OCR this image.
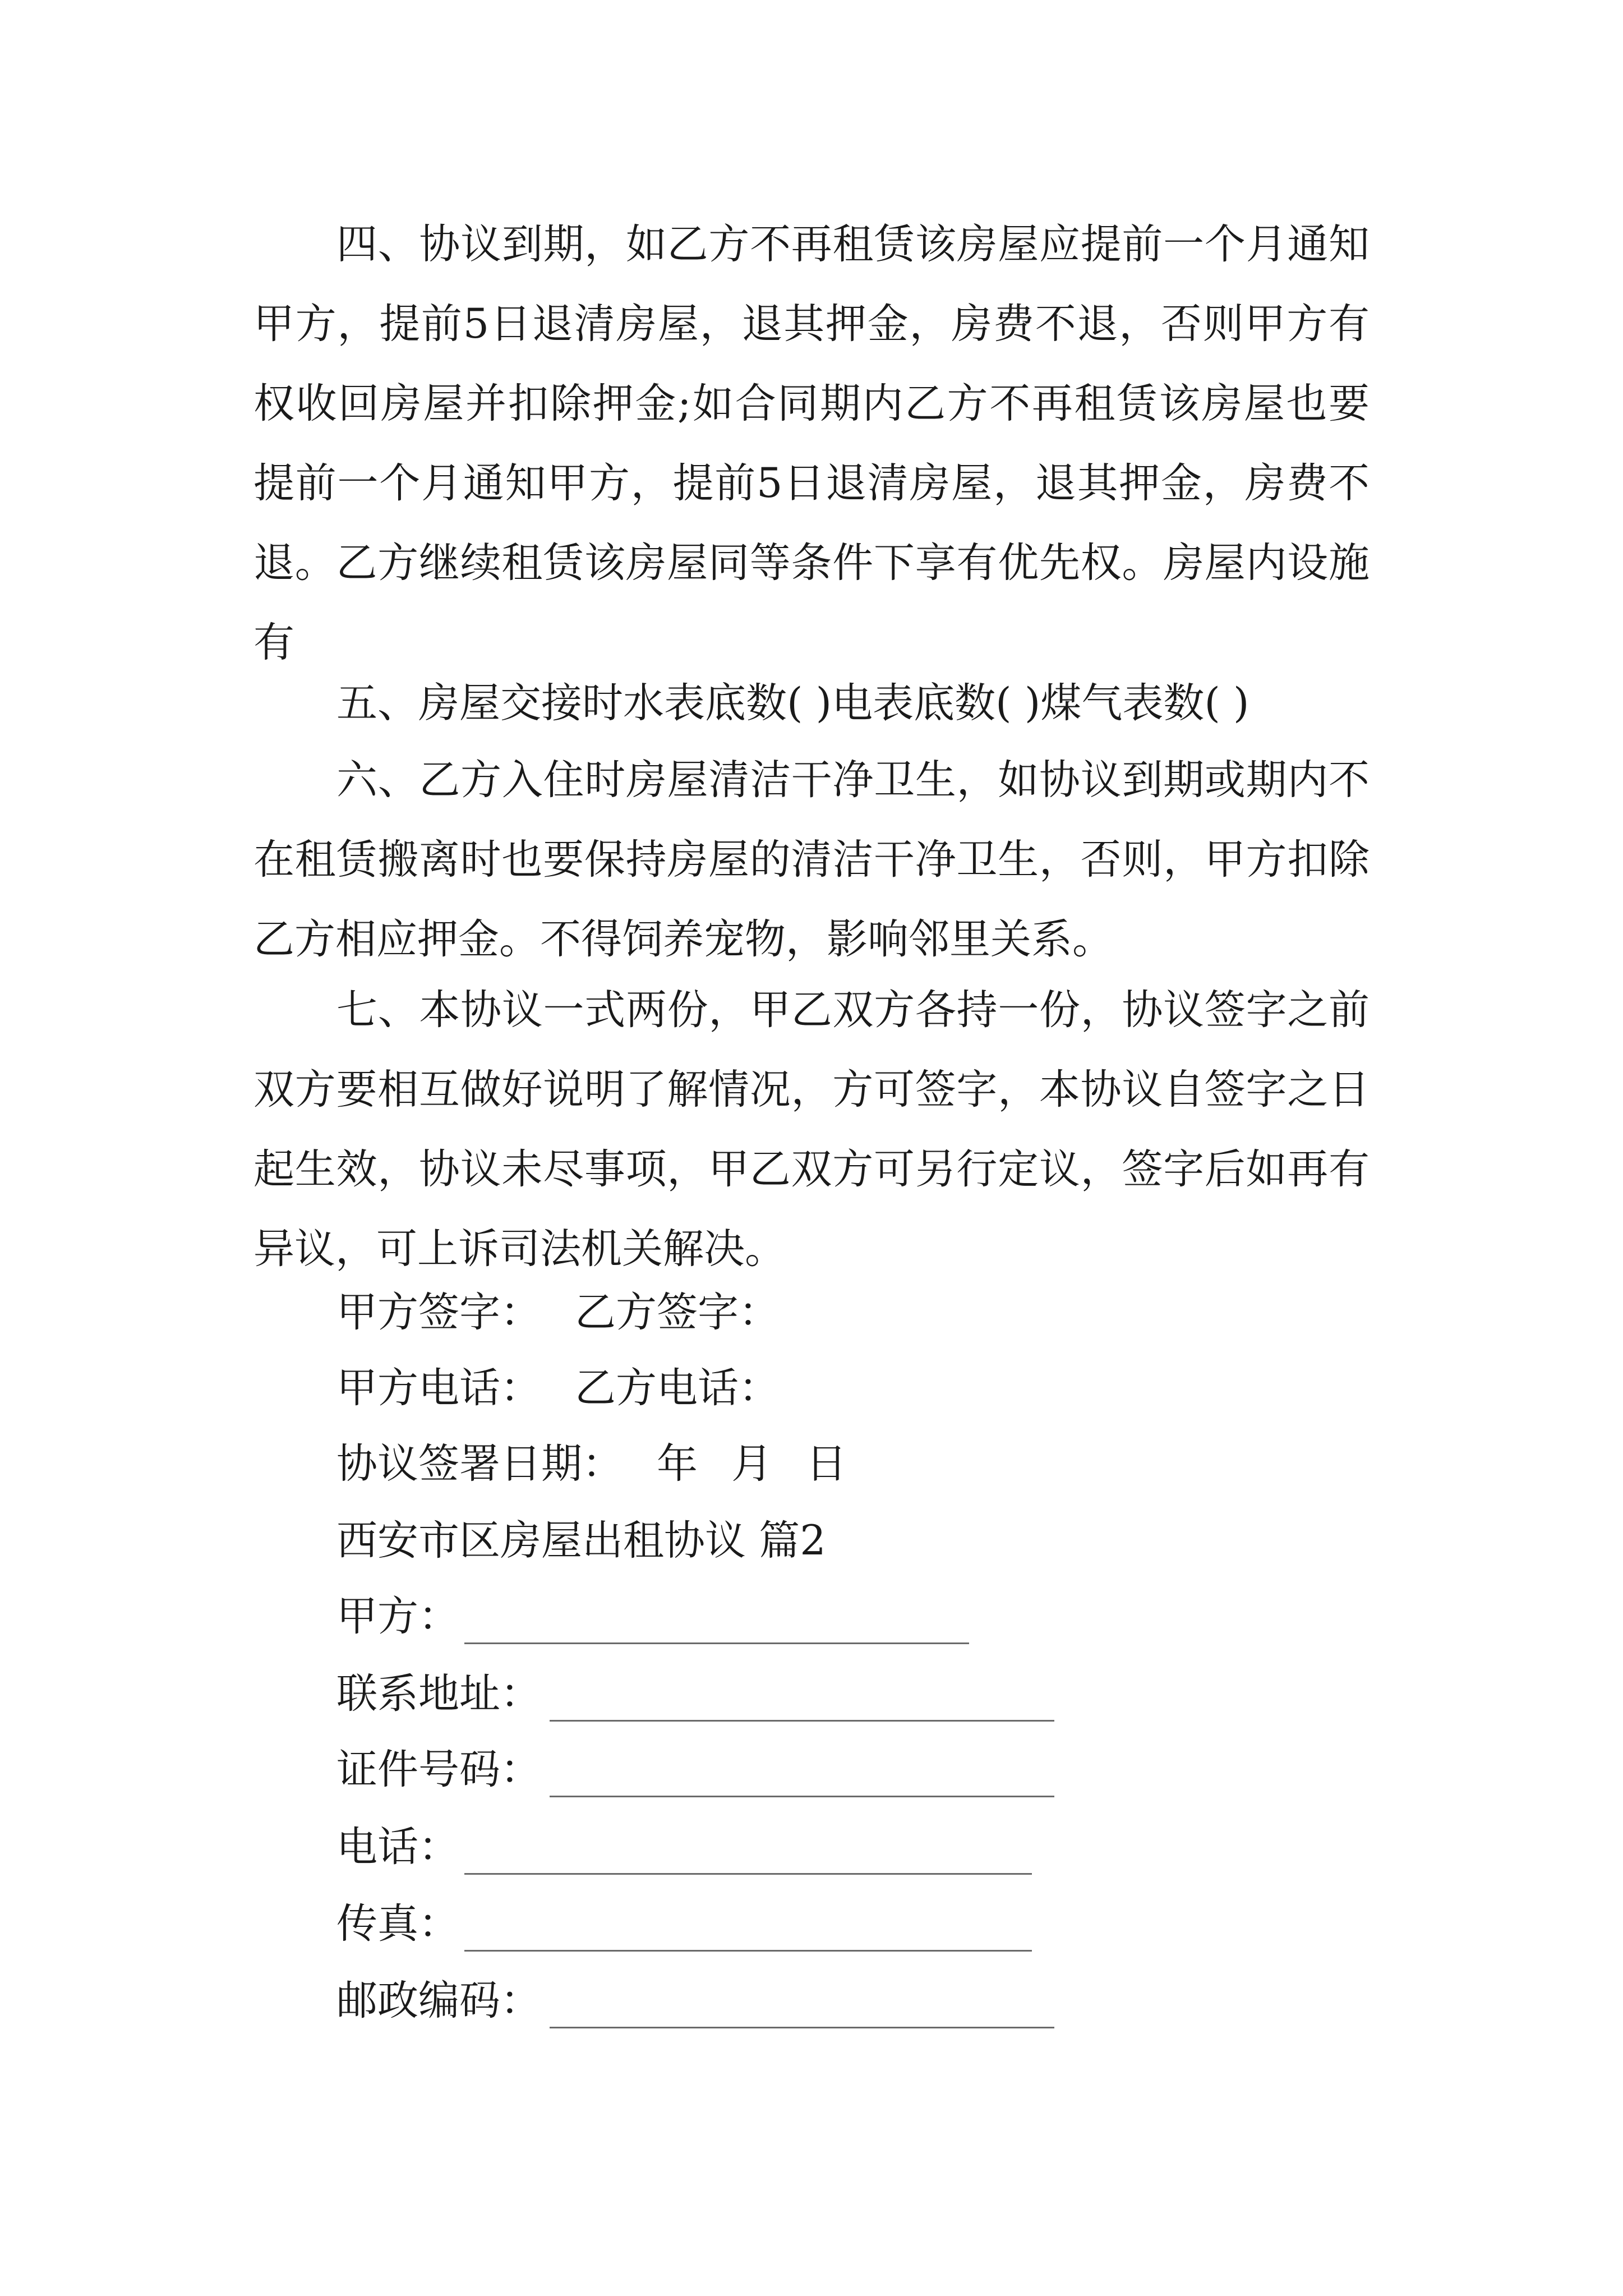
四、协议到期，如乙方不再租赁该房屋应提前一个月通知甲方，提前5日退清房屋，退其押金，房费不退，否则甲方有权收回房屋并扣除押金;如合同期内乙方不再租赁该房屋也要提前一个月通知甲方，提前5日退清房屋，退其押金，房费不退。乙方继续租赁该房屋同等条件下享有优先权。房屋内设施有

五、房屋交接时水表底数( )电表底数( )煤气表数( )

六、乙方入住时房屋清洁干净卫生，如协议到期或期内不在租赁搬离时也要保持房屋的清洁干净卫生，否则，甲方扣除乙方相应押金。不得饲养宠物，影响邻里关系。

七、本协议一式两份，甲乙双方各持一份，协议签字之前双方要相互做好说明了解情况，方可签字，本协议自签字之日起生效，协议未尽事项，甲乙双方可另行定议，签字后如再有异议，可上诉司法机关解决。

甲方签字： 乙方签字：
甲方电话： 乙方电话：
协议签署日期： 年 月 日
西安市区房屋出租协议 篇2
甲方：
联系地址：
证件号码：
电话：
传真：
邮政编码：
